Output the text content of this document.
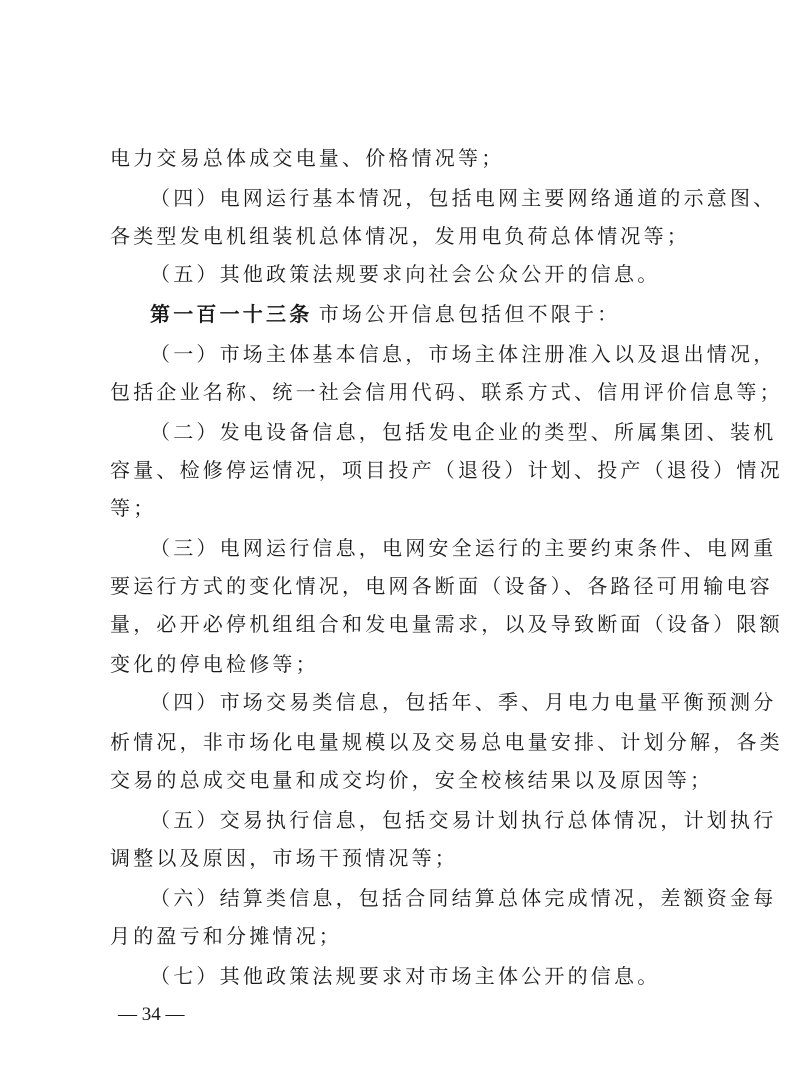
电力交易总体成交电量、价格情况等；
（四）电网运行基本情况，包括电网主要网络通道的示意图、
各类型发电机组装机总体情况，发用电负荷总体情况等；
（五）其他政策法规要求向社会公众公开的信息。
第一百一十三条 市场公开信息包括但不限于：
（一）市场主体基本信息，市场主体注册准入以及退出情况，
包括企业名称、统一社会信用代码、联系方式、信用评价信息等；
（二）发电设备信息，包括发电企业的类型、所属集团、装机
容量、检修停运情况，项目投产（退役）计划、投产（退役）情况
等；
（三）电网运行信息，电网安全运行的主要约束条件、电网重
要运行方式的变化情况，电网各断面（设备）、各路径可用输电容
量，必开必停机组组合和发电量需求，以及导致断面（设备）限额
变化的停电检修等；
（四）市场交易类信息，包括年、季、月电力电量平衡预测分
析情况，非市场化电量规模以及交易总电量安排、计划分解，各类
交易的总成交电量和成交均价，安全校核结果以及原因等；
（五）交易执行信息，包括交易计划执行总体情况，计划执行
调整以及原因，市场干预情况等；
（六）结算类信息，包括合同结算总体完成情况，差额资金每
月的盈亏和分摊情况；
（七）其他政策法规要求对市场主体公开的信息。
— 34 —
